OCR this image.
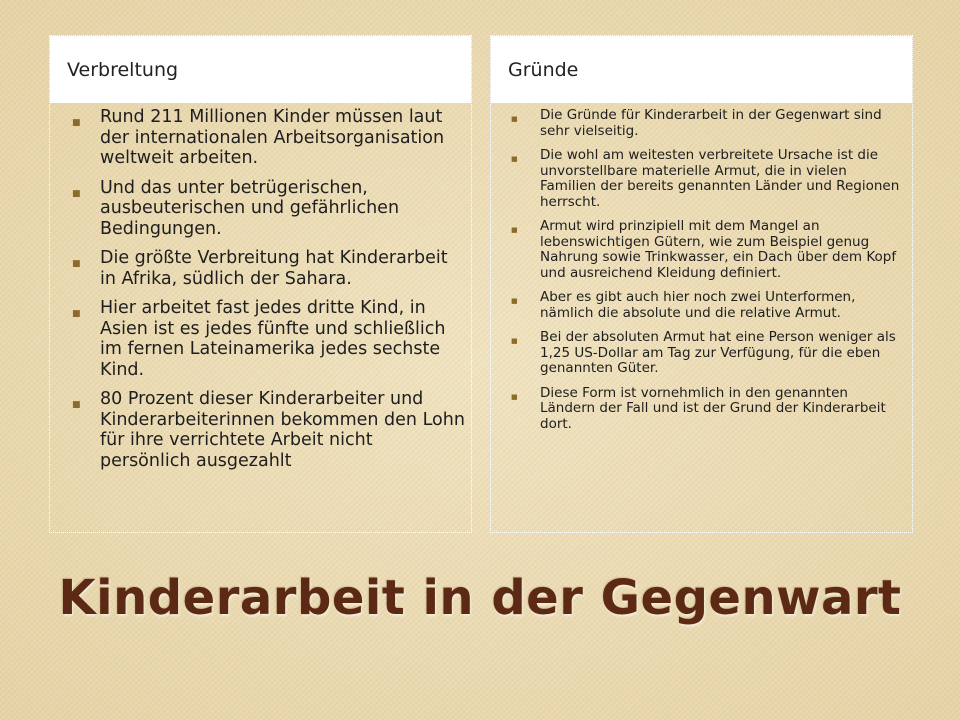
Verbreltung
■ Rund 211 Millionen Kinder müssen laut der internationalen Arbeitsorganisation weltweit arbeiten.
■ Und das unter betrügerischen, ausbeuterischen und gefährlichen Bedingungen.
■ Die größte Verbreitung hat Kinderarbeit in Afrika, südlich der Sahara.
■ Hier arbeitet fast jedes dritte Kind, in Asien ist es jedes fünfte und schließlich im fernen Lateinamerika jedes sechste Kind.
■ 80 Prozent dieser Kinderarbeiter und Kinderarbeiterinnen bekommen den Lohn für ihre verrichtete Arbeit nicht persönlich ausgezahlt
Gründe
■ Die Gründe für Kinderarbeit in der Gegenwart sind sehr vielseitig.
■ Die wohl am weitesten verbreitete Ursache ist die unvorstellbare materielle Armut, die in vielen Familien der bereits genannten Länder und Regionen herrscht.
■ Armut wird prinzipiell mit dem Mangel an lebenswichtigen Gütern, wie zum Beispiel genug Nahrung sowie Trinkwasser, ein Dach über dem Kopf und ausreichend Kleidung definiert.
■ Aber es gibt auch hier noch zwei Unterformen, nämlich die absolute und die relative Armut.
■ Bei der absoluten Armut hat eine Person weniger als 1,25 US-Dollar am Tag zur Verfügung, für die eben genannten Güter.
■ Diese Form ist vornehmlich in den genannten Ländern der Fall und ist der Grund der Kinderarbeit dort.
Kinderarbeit in der Gegenwart
